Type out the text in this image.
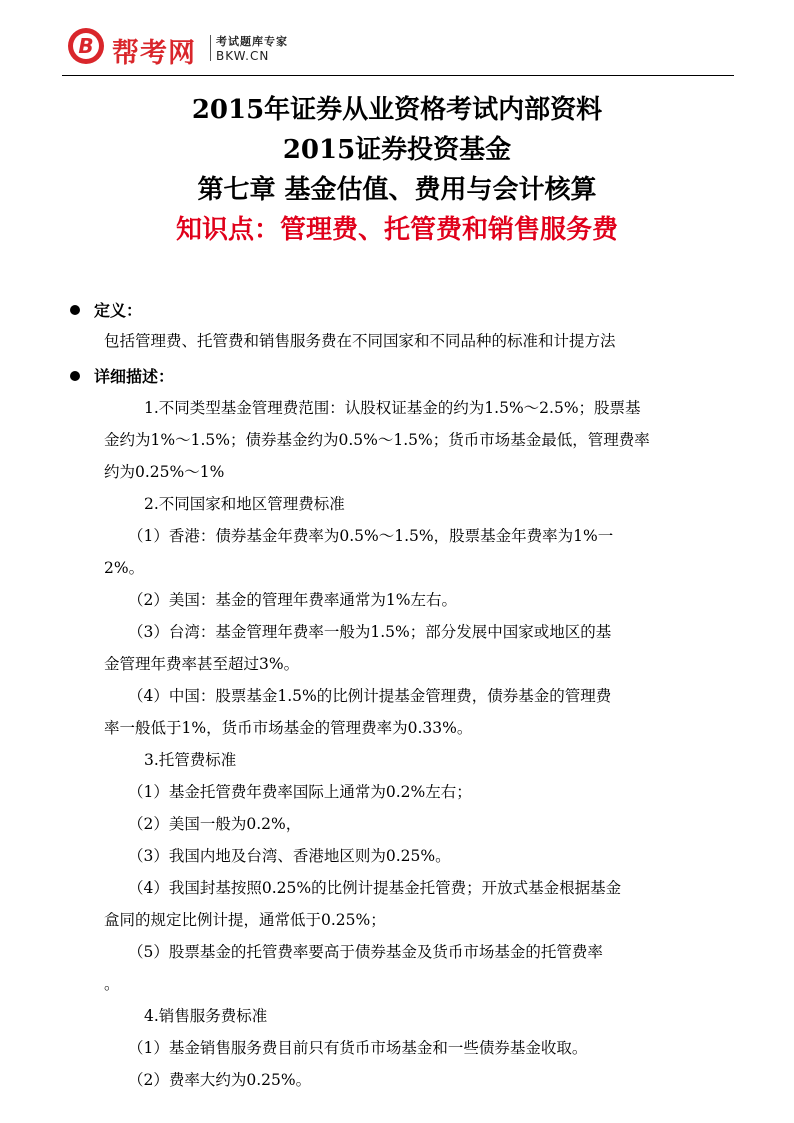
B 帮考网 考试题库专家
BKW.CN
2015年证券从业资格考试内部资料
2015证券投资基金
第七章 基金估值、费用与会计核算
知识点：管理费、托管费和销售服务费
定义：
包括管理费、托管费和销售服务费在不同国家和不同品种的标准和计提方法
详细描述：
1.不同类型基金管理费范围：认股权证基金的约为1.5%～2.5%；股票基
金约为1%～1.5%；债券基金约为0.5%～1.5%；货币市场基金最低，管理费率
约为0.25%～1%
2.不同国家和地区管理费标准
（1）香港：债券基金年费率为0.5%～1.5%，股票基金年费率为1%一
2%。
（2）美国：基金的管理年费率通常为1%左右。
（3）台湾：基金管理年费率一般为1.5%；部分发展中国家或地区的基
金管理年费率甚至超过3%。
（4）中国：股票基金1.5%的比例计提基金管理费，债券基金的管理费
率一般低于1%，货币市场基金的管理费率为0.33%。
3.托管费标准
（1）基金托管费年费率国际上通常为0.2%左右；
（2）美国一般为0.2%，
（3）我国内地及台湾、香港地区则为0.25%。
（4）我国封基按照0.25%的比例计提基金托管费；开放式基金根据基金
盒同的规定比例计提，通常低于0.25%；
（5）股票基金的托管费率要高于债券基金及货币市场基金的托管费率
。
4.销售服务费标准
（1）基金销售服务费目前只有货币市场基金和一些债券基金收取。
（2）费率大约为0.25%。
